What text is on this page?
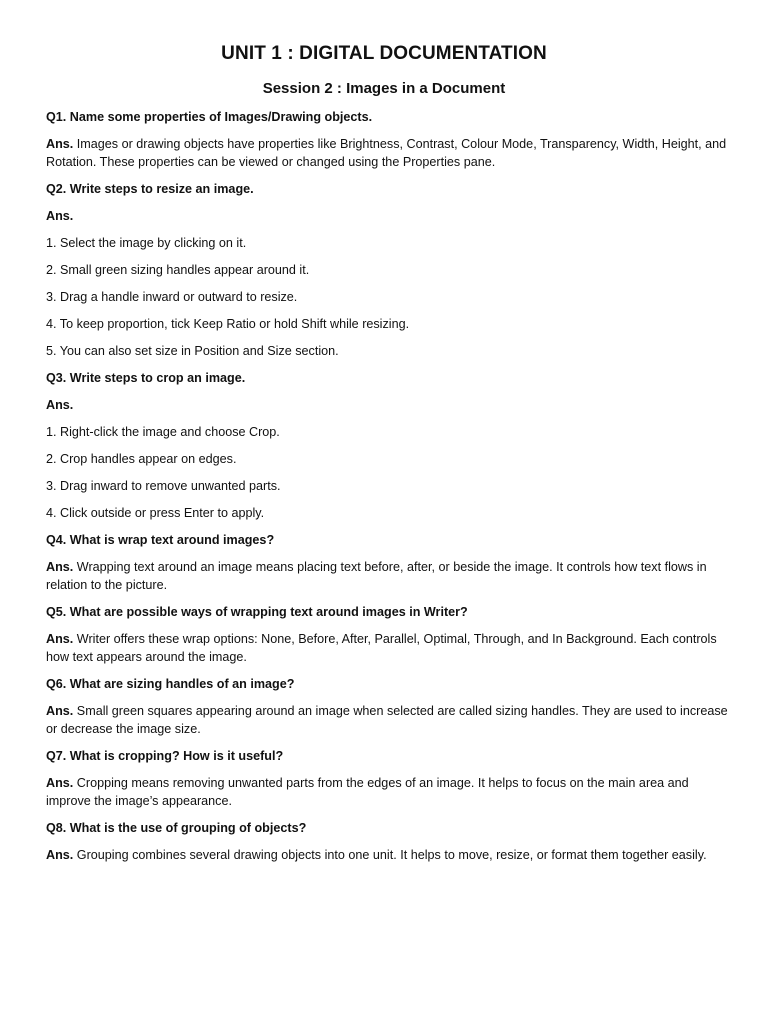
UNIT 1 : DIGITAL DOCUMENTATION
Session 2 : Images in a Document

Q1. Name some properties of Images/Drawing objects.

Ans. Images or drawing objects have properties like Brightness, Contrast, Colour Mode, Transparency, Width, Height, and Rotation. These properties can be viewed or changed using the Properties pane.

Q2. Write steps to resize an image.

Ans.

1. Select the image by clicking on it.

2. Small green sizing handles appear around it.

3. Drag a handle inward or outward to resize.

4. To keep proportion, tick Keep Ratio or hold Shift while resizing.

5. You can also set size in Position and Size section.

Q3. Write steps to crop an image.

Ans.

1. Right-click the image and choose Crop.

2. Crop handles appear on edges.

3. Drag inward to remove unwanted parts.

4. Click outside or press Enter to apply.

Q4. What is wrap text around images?

Ans. Wrapping text around an image means placing text before, after, or beside the image. It controls how text flows in relation to the picture.

Q5. What are possible ways of wrapping text around images in Writer?

Ans. Writer offers these wrap options: None, Before, After, Parallel, Optimal, Through, and In Background. Each controls how text appears around the image.

Q6. What are sizing handles of an image?

Ans. Small green squares appearing around an image when selected are called sizing handles. They are used to increase or decrease the image size.

Q7. What is cropping? How is it useful?

Ans. Cropping means removing unwanted parts from the edges of an image. It helps to focus on the main area and improve the image’s appearance.

Q8. What is the use of grouping of objects?

Ans. Grouping combines several drawing objects into one unit. It helps to move, resize, or format them together easily.
